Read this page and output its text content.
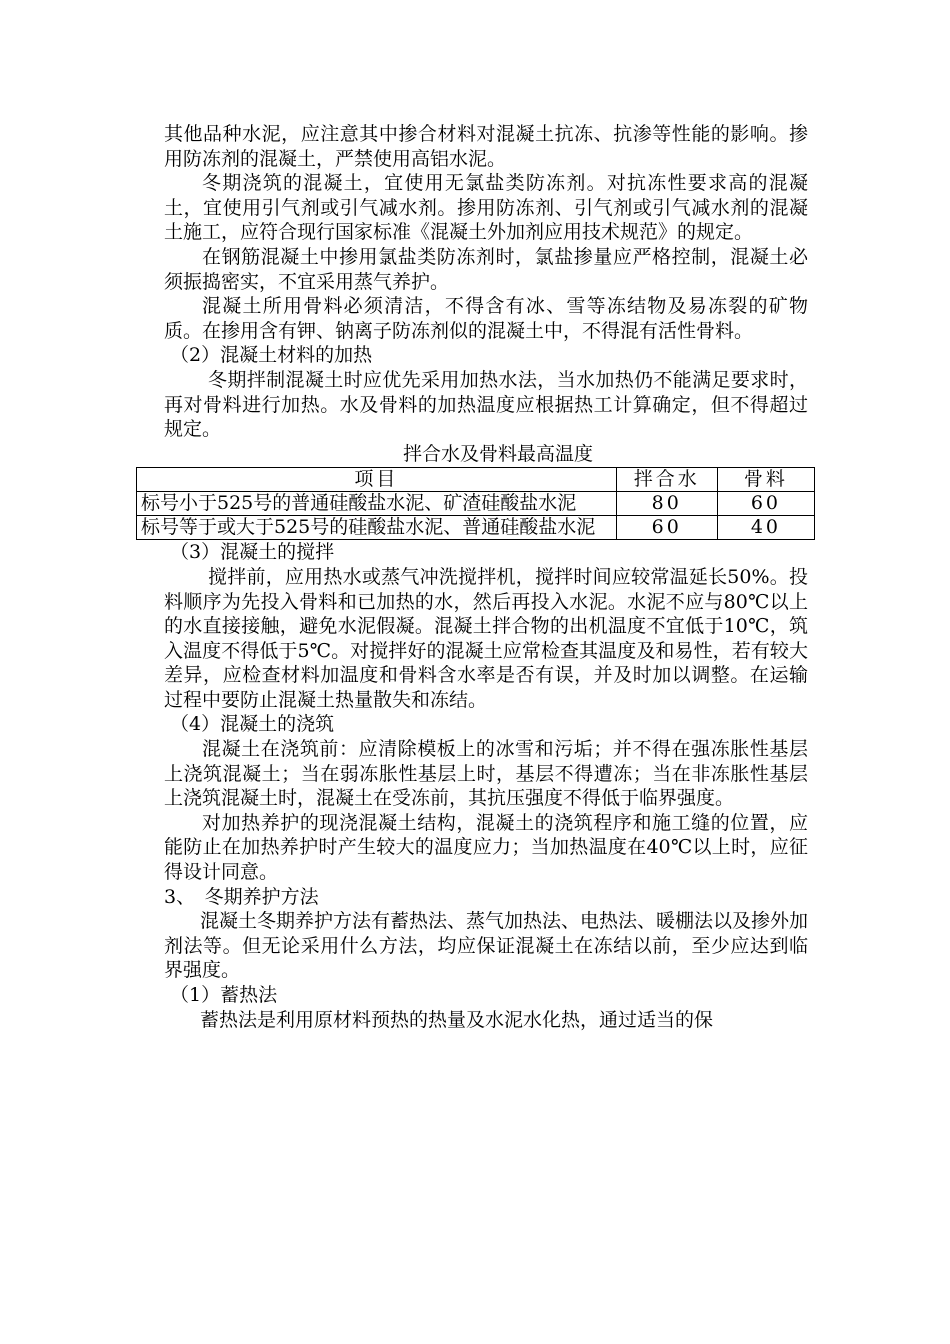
其他品种水泥，应注意其中掺合材料对混凝土抗冻、抗渗等性能的影响。掺用防冻剂的混凝土，严禁使用高铝水泥。

冬期浇筑的混凝土，宜使用无氯盐类防冻剂。对抗冻性要求高的混凝土，宜使用引气剂或引气减水剂。掺用防冻剂、引气剂或引气减水剂的混凝土施工，应符合现行国家标准《混凝土外加剂应用技术规范》的规定。

在钢筋混凝土中掺用氯盐类防冻剂时，氯盐掺量应严格控制，混凝土必须振捣密实，不宜采用蒸气养护。

混凝土所用骨料必须清洁，不得含有冰、雪等冻结物及易冻裂的矿物质。在掺用含有钾、钠离子防冻剂似的混凝土中，不得混有活性骨料。

（2）混凝土材料的加热

冬期拌制混凝土时应优先采用加热水法，当水加热仍不能满足要求时，再对骨料进行加热。水及骨料的加热温度应根据热工计算确定，但不得超过规定。

拌合水及骨料最高温度

项目	拌合水	骨料
标号小于525号的普通硅酸盐水泥、矿渣硅酸盐水泥	80	60
标号等于或大于525号的硅酸盐水泥、普通硅酸盐水泥	60	40

（3）混凝土的搅拌

搅拌前，应用热水或蒸气冲洗搅拌机，搅拌时间应较常温延长50%。投料顺序为先投入骨料和已加热的水，然后再投入水泥。水泥不应与80℃以上的水直接接触，避免水泥假凝。混凝土拌合物的出机温度不宜低于10℃，筑入温度不得低于5℃。对搅拌好的混凝土应常检查其温度及和易性，若有较大差异，应检查材料加温度和骨料含水率是否有误，并及时加以调整。在运输过程中要防止混凝土热量散失和冻结。

（4）混凝土的浇筑

混凝土在浇筑前：应清除模板上的冰雪和污垢；并不得在强冻胀性基层上浇筑混凝土；当在弱冻胀性基层上时，基层不得遭冻；当在非冻胀性基层上浇筑混凝土时，混凝土在受冻前，其抗压强度不得低于临界强度。

对加热养护的现浇混凝土结构，混凝土的浇筑程序和施工缝的位置，应能防止在加热养护时产生较大的温度应力；当加热温度在40℃以上时，应征得设计同意。

3、　冬期养护方法

混凝土冬期养护方法有蓄热法、蒸气加热法、电热法、暖棚法以及掺外加剂法等。但无论采用什么方法，均应保证混凝土在冻结以前，至少应达到临界强度。

（1）蓄热法

蓄热法是利用原材料预热的热量及水泥水化热，通过适当的保
